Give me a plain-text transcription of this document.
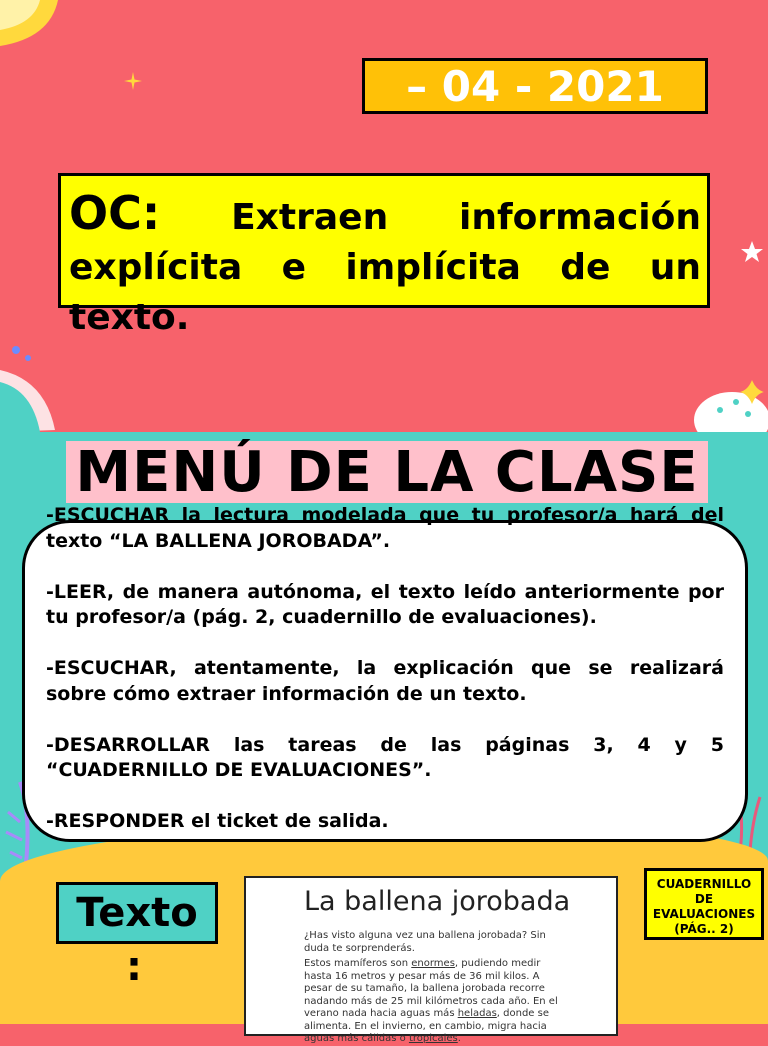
– 04 - 2021
OC: Extraen información explícita e implícita de un texto.
MENÚ DE LA CLASE

-ESCUCHAR la lectura modelada que tu profesor/a hará del texto “LA BALLENA JOROBADA”.

-LEER, de manera autónoma, el texto leído anteriormente por tu profesor/a (pág. 2, cuadernillo de evaluaciones).

-ESCUCHAR, atentamente, la explicación que se realizará sobre cómo extraer información de un texto.

-DESARROLLAR las tareas de las páginas 3, 4 y 5 “CUADERNILLO DE EVALUACIONES”.

-RESPONDER el ticket de salida.

Texto
:
La ballena jorobada

¿Has visto alguna vez una ballena jorobada? Sin duda te sorprenderás.

Estos mamíferos son enormes, pudiendo medir hasta 16 metros y pesar más de 36 mil kilos. A pesar de su tamaño, la ballena jorobada recorre nadando más de 25 mil kilómetros cada año. En el verano nada hacia aguas más heladas, donde se alimenta. En el invierno, en cambio, migra hacia aguas más cálidas o tropicales.

CUADERNILLO DE EVALUACIONES (PÁG.. 2)
